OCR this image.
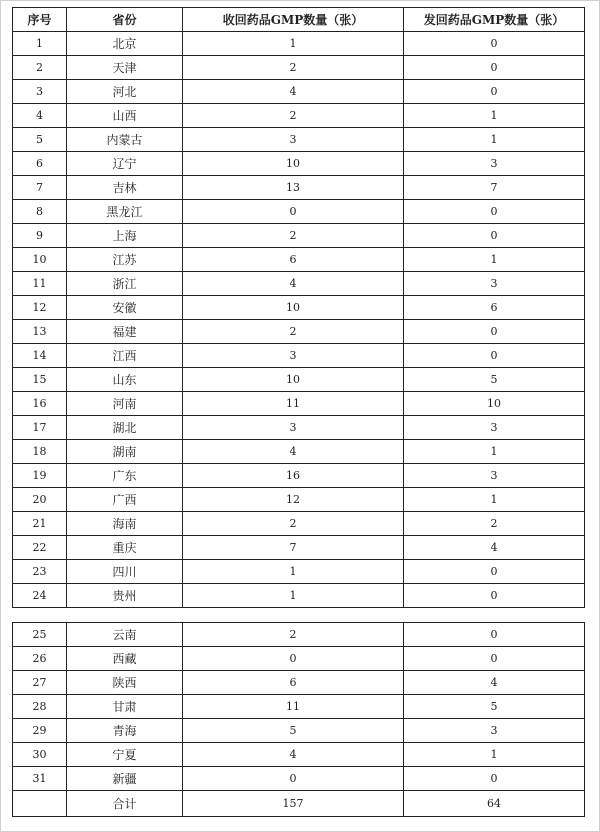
序号	省份	收回药品GMP数量（张）	发回药品GMP数量（张）
1	北京	1	0
2	天津	2	0
3	河北	4	0
4	山西	2	1
5	内蒙古	3	1
6	辽宁	10	3
7	吉林	13	7
8	黑龙江	0	0
9	上海	2	0
10	江苏	6	1
11	浙江	4	3
12	安徽	10	6
13	福建	2	0
14	江西	3	0
15	山东	10	5
16	河南	11	10
17	湖北	3	3
18	湖南	4	1
19	广东	16	3
20	广西	12	1
21	海南	2	2
22	重庆	7	4
23	四川	1	0
24	贵州	1	0
25	云南	2	0
26	西藏	0	0
27	陕西	6	4
28	甘肃	11	5
29	青海	5	3
30	宁夏	4	1
31	新疆	0	0
	合计	157	64
